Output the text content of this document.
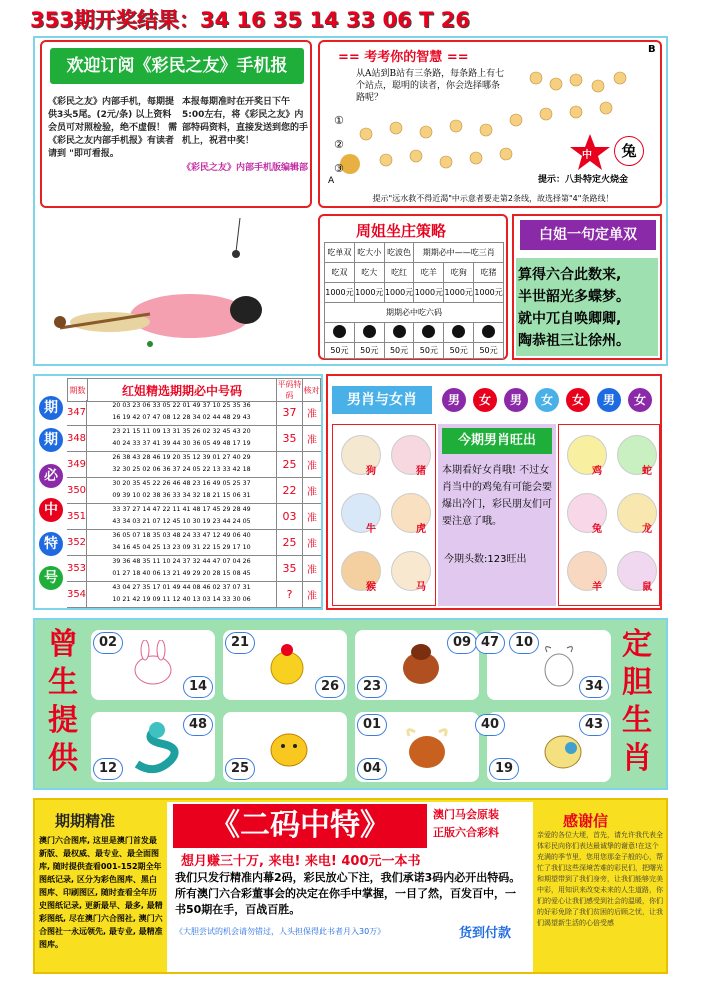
353期开奖结果：34 16 35 14 33 06 T 26
欢迎订阅《彩民之友》手机报
《彩民之友》内部手机，每期提供3头5尾。(2元/条) 以上资料会员可对照检验，绝不虚假！ 需《彩民之友内部手机报》有读者请到 "即可看报。
本报每期准时在开奖日下午5:00左右，将《彩民之友》内部特码资料，直接发送到您的手机上，祝君中奖！
《彩民之友》内部手机版编辑部
== 考考你的智慧 ==
B
从A站到B站有三条路，每条路上有七个站点，聪明的读者，你会选择哪条路呢？
①
②
③
A
中	兔
提示：八卦特定火烧金
提示"远水救不得近渴"中示意者要走第2条线，故选择第"4"条路线！
周姐坐庄策略
吃单双	吃大小	吃波色	期期必中——吃三肖		
吃双	吃大	吃红	吃羊	吃狗	吃猪
1000元	1000元	1000元	1000元	1000元	1000元
期期必中吃六码					

50元	50元	50元	50元	50元	50元
白姐一句定单双
算得六合此数来,
半世韶光多蝶梦。
就中兀自唤卿卿,
陶恭祖三让徐州。
期
期
必
中
特
号
期数	红姐精选期期必中号码	平码特码	核对
347
20 03 23 06 33 05 22 01 49 37 10 25 35 36
16 19 42 07 47 08 12 28 34 02 44 48 29 43	37	准
348
23 21 15 11 09 13 31 35 26 02 32 45 43 20
40 24 33 37 41 39 44 30 36 05 49 48 17 19	35	准
349
26 38 43 28 46 19 20 35 12 39 01 27 40 29
32 30 25 02 06 36 37 24 05 22 13 33 42 18	25	准
350
30 20 35 45 22 26 46 48 23 16 49 05 25 37
09 39 10 02 38 36 33 34 32 18 21 15 06 31	22	准
351
33 37 27 14 47 22 11 41 48 17 45 29 28 49
43 34 03 21 07 12 45 10 30 19 23 44 24 05	03	准
352
36 05 07 18 35 03 48 24 33 47 12 49 06 40
34 16 45 04 25 13 23 09 31 22 15 29 17 10	25	准
353
39 36 48 35 11 10 24 37 32 44 47 07 04 26
01 27 18 40 06 13 21 49 29 20 28 15 08 45	35	准
354
43 04 27 35 17 01 49 44 08 46 02 37 07 31
10 21 42 19 09 11 12 40 13 03 14 33 30 06	?	准
男肖与女肖	男 女 男 女 女 男 女
狗	猪
牛	虎
猴	马
今期男肖旺出
本期看好女肖哦! 不过女肖当中的鸡兔有可能会要爆出冷门，彩民朋友们可要注意了哦。
今期头数:123旺出
鸡	蛇
兔	龙
羊	鼠
曾
生
提
供
定
胆
生
肖
02
14
21
26
09
23
47	10
34
48
12	25
01
04
40	43
19
期期精准
澳门六合图库, 这里是澳门首发最新版、最权威、最专业、最全面图库, 随时提供查看001-152期全年图纸记录, 区分为彩色图库、黑白图库、印刷图区, 随时查看全年历史图纸记录, 更新最早、最多, 最精彩图纸, 尽在澳门六合图社, 澳门六合图社一永远领先, 最专业, 最精准图库。
《二码中特》	澳门马会原装
正版六合彩料
想月赚三十万, 来电! 来电! 400元一本书
我们只发行精准内幕2码，彩民放心下注，我们承诺3码内必开出特码。所有澳门六合彩董事会的决定在你手中掌握，一目了然，百发百中，一书50期在手，百战百胜。
《大胆尝试的机会请勿错过，人头担保得此书者月入30万》	货到付款
感谢信
亲爱的各位大埂，首先，请允许我代表全体彩民向你们表达最诚挚的谢意!在这个充满的季节里，您用您那金子般的心，帮忙了我们这些深境苦难的彩民们，把曙光和期望带到了我们身旁，让我们能够完美中彩，用知识来改变未来的人生道路，你们的爱心让我们感受到社会的温暖，你们的好彩免除了我们贫困的后顾之忧，让我们渴望新生活的心倍受感
